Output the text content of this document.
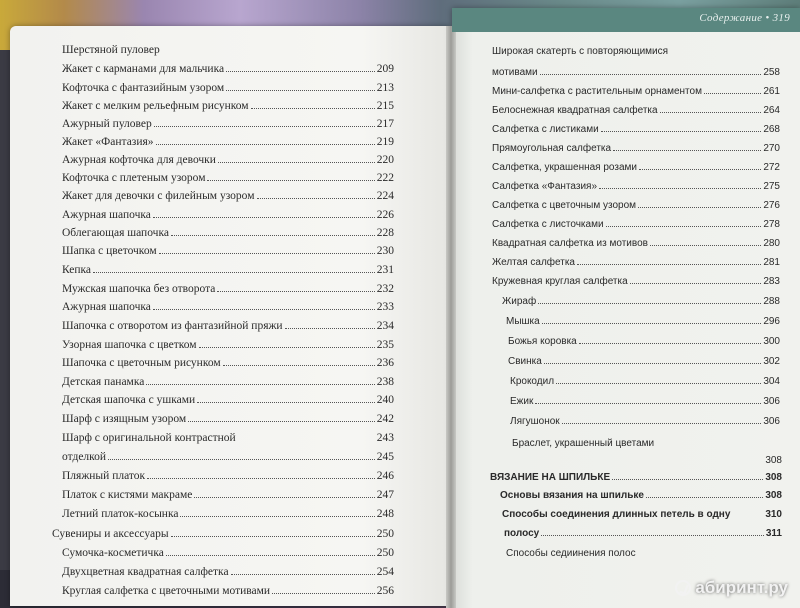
Содержание • 319
Шерстяной пуловер
Жакет с карманами для мальчика	209
Кофточка с фантазийным узором	213
Жакет с мелким рельефным рисунком	215
Ажурный пуловер	217
Жакет «Фантазия»	219
Ажурная кофточка для девочки	220
Кофточка с плетеным узором	222
Жакет для девочки с филейным узором	224
Ажурная шапочка	226
Облегающая шапочка	228
Шапка с цветочком	230
Кепка	231
Мужская шапочка без отворота	232
Ажурная шапочка	233
Шапочка с отворотом из фантазийной пряжи	234
Узорная шапочка с цветком	235
Шапочка с цветочным рисунком	236
Детская панамка	238
Детская шапочка с ушками	240
Шарф с изящным узором	242
Шарф с оригинальной контрастной	243
отделкой	245
Пляжный платок	246
Платок с кистями макраме	247
Летний платок-косынка	248
Сувениры и аксессуары	250
Сумочка-косметичка	250
Двухцветная квадратная салфетка	254
Круглая салфетка с цветочными мотивами	256
Широкая скатерть с повторяющимися
мотивами	258
Мини-салфетка с растительным орнаментом	261
Белоснежная квадратная салфетка	264
Салфетка с листиками	268
Прямоугольная салфетка	270
Салфетка, украшенная розами	272
Салфетка «Фантазия»	275
Салфетка с цветочным узором	276
Салфетка с листочками	278
Квадратная салфетка из мотивов	280
Желтая салфетка	281
Кружевная круглая салфетка	283
Жираф	288
Мышка	296
Божья коровка	300
Свинка	302
Крокодил	304
Ежик	306
Лягушонок	306
Браслет, украшенный цветами
308
ВЯЗАНИЕ НА ШПИЛЬКЕ	308
Основы вязания на шпильке	308
Способы соединения длинных петель в одну	310
полосу	311
Способы седиинения полос
абиринт.ру
